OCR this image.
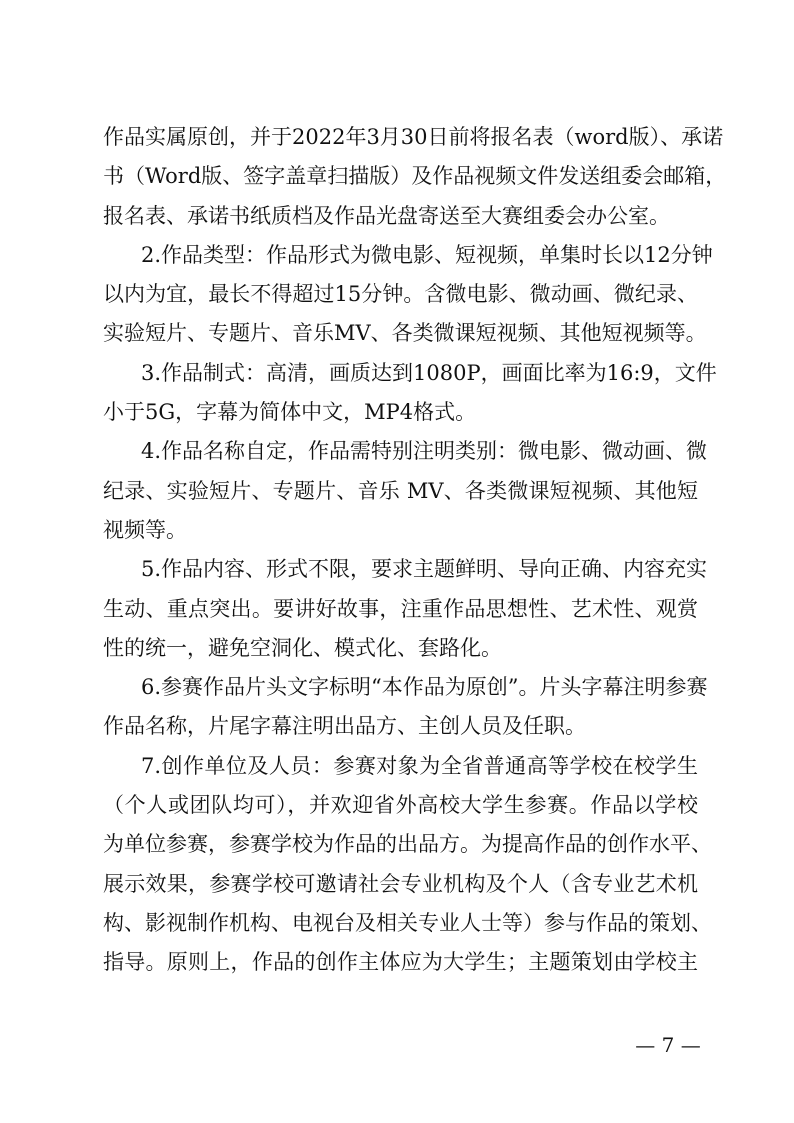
作品实属原创，并于2022年3月30日前将报名表（word版）、承诺
书（Word版、签字盖章扫描版）及作品视频文件发送组委会邮箱，
报名表、承诺书纸质档及作品光盘寄送至大赛组委会办公室。
2.作品类型：作品形式为微电影、短视频，单集时长以12分钟
以内为宜，最长不得超过15分钟。含微电影、微动画、微纪录、
实验短片、专题片、音乐MV、各类微课短视频、其他短视频等。
3.作品制式：高清，画质达到1080P，画面比率为16:9，文件
小于5G，字幕为简体中文，MP4格式。
4.作品名称自定，作品需特别注明类别：微电影、微动画、微
纪录、实验短片、专题片、音乐 MV、各类微课短视频、其他短
视频等。
5.作品内容、形式不限，要求主题鲜明、导向正确、内容充实
生动、重点突出。要讲好故事，注重作品思想性、艺术性、观赏
性的统一，避免空洞化、模式化、套路化。
6.参赛作品片头文字标明“本作品为原创”。片头字幕注明参赛
作品名称，片尾字幕注明出品方、主创人员及任职。
7.创作单位及人员：参赛对象为全省普通高等学校在校学生
（个人或团队均可），并欢迎省外高校大学生参赛。作品以学校
为单位参赛，参赛学校为作品的出品方。为提高作品的创作水平、
展示效果，参赛学校可邀请社会专业机构及个人（含专业艺术机
构、影视制作机构、电视台及相关专业人士等）参与作品的策划、
指导。原则上，作品的创作主体应为大学生；主题策划由学校主
— 7 —
